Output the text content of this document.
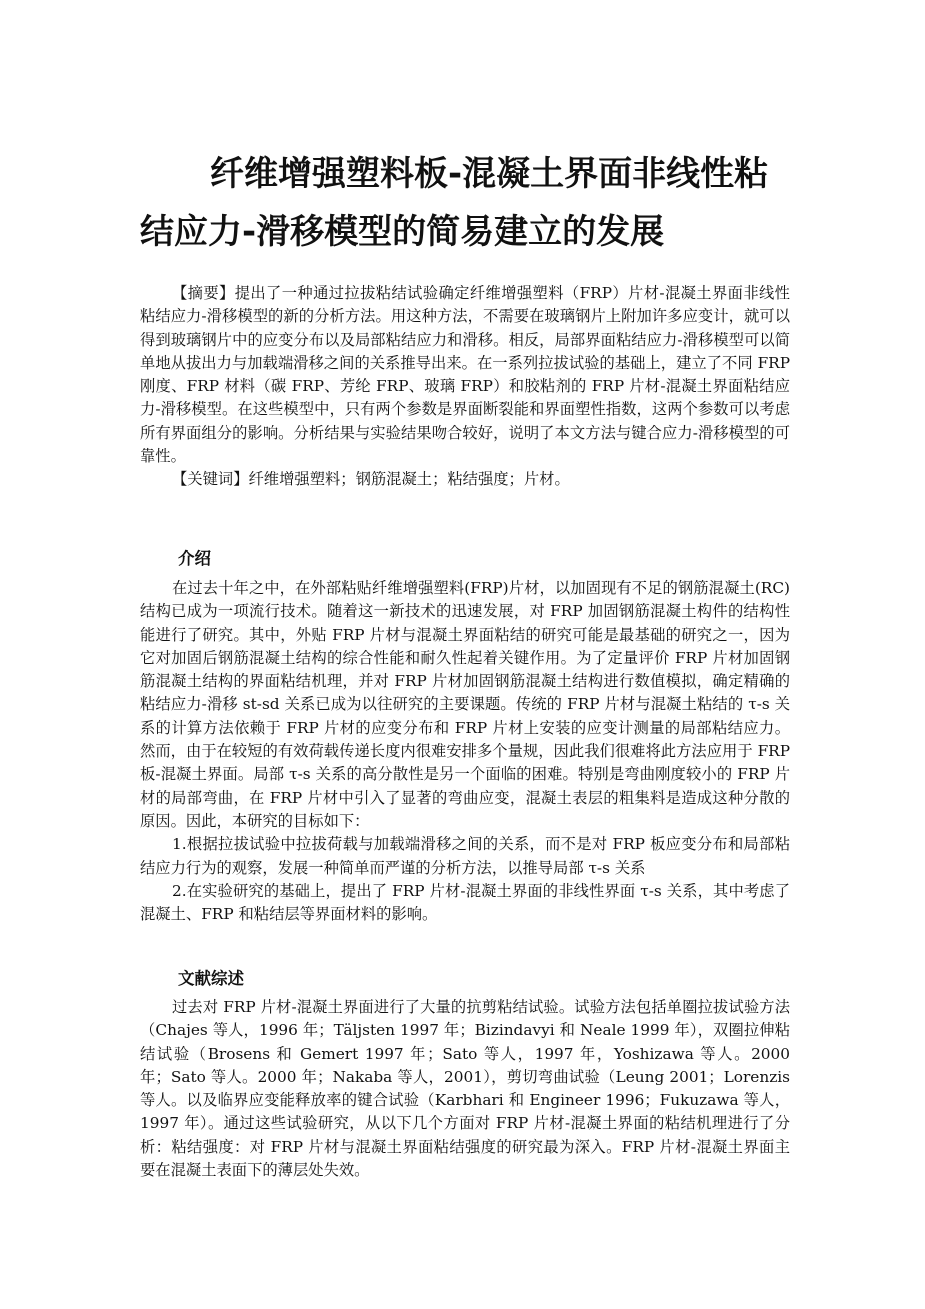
纤维增强塑料板-混凝土界面非线性粘
结应力-滑移模型的简易建立的发展

【摘要】提出了一种通过拉拔粘结试验确定纤维增强塑料（FRP）片材-混凝土界面非线性粘结应力-滑移模型的新的分析方法。用这种方法，不需要在玻璃钢片上附加许多应变计，就可以得到玻璃钢片中的应变分布以及局部粘结应力和滑移。相反，局部界面粘结应力-滑移模型可以简单地从拔出力与加载端滑移之间的关系推导出来。在一系列拉拔试验的基础上，建立了不同 FRP 刚度、FRP 材料（碳 FRP、芳纶 FRP、玻璃 FRP）和胶粘剂的 FRP 片材-混凝土界面粘结应力-滑移模型。在这些模型中，只有两个参数是界面断裂能和界面塑性指数，这两个参数可以考虑所有界面组分的影响。分析结果与实验结果吻合较好，说明了本文方法与键合应力-滑移模型的可靠性。

【关键词】纤维增强塑料；钢筋混凝土；粘结强度；片材。

介绍

在过去十年之中，在外部粘贴纤维增强塑料(FRP)片材，以加固现有不足的钢筋混凝土(RC)结构已成为一项流行技术。随着这一新技术的迅速发展，对 FRP 加固钢筋混凝土构件的结构性能进行了研究。其中，外贴 FRP 片材与混凝土界面粘结的研究可能是最基础的研究之一，因为它对加固后钢筋混凝土结构的综合性能和耐久性起着关键作用。为了定量评价 FRP 片材加固钢筋混凝土结构的界面粘结机理，并对 FRP 片材加固钢筋混凝土结构进行数值模拟，确定精确的粘结应力-滑移 st-sd 关系已成为以往研究的主要课题。传统的 FRP 片材与混凝土粘结的 τ-s 关系的计算方法依赖于 FRP 片材的应变分布和 FRP 片材上安装的应变计测量的局部粘结应力。然而，由于在较短的有效荷载传递长度内很难安排多个量规，因此我们很难将此方法应用于 FRP 板-混凝土界面。局部 τ-s 关系的高分散性是另一个面临的困难。特别是弯曲刚度较小的 FRP 片材的局部弯曲，在 FRP 片材中引入了显著的弯曲应变，混凝土表层的粗集料是造成这种分散的原因。因此，本研究的目标如下：

1.根据拉拔试验中拉拔荷载与加载端滑移之间的关系，而不是对 FRP 板应变分布和局部粘结应力行为的观察，发展一种简单而严谨的分析方法，以推导局部 τ-s 关系

2.在实验研究的基础上，提出了 FRP 片材-混凝土界面的非线性界面 τ-s 关系，其中考虑了混凝土、FRP 和粘结层等界面材料的影响。

文献综述

过去对 FRP 片材-混凝土界面进行了大量的抗剪粘结试验。试验方法包括单圈拉拔试验方法（Chajes 等人，1996 年；Täljsten 1997 年；Bizindavyi 和 Neale 1999 年），双圈拉伸粘结试验（Brosens 和 Gemert 1997 年；Sato 等人，1997 年，Yoshizawa 等人。2000 年；Sato 等人。2000 年；Nakaba 等人，2001），剪切弯曲试验（Leung 2001；Lorenzis 等人。以及临界应变能释放率的键合试验（Karbhari 和 Engineer 1996；Fukuzawa 等人，1997 年）。通过这些试验研究，从以下几个方面对 FRP 片材-混凝土界面的粘结机理进行了分析：粘结强度：对 FRP 片材与混凝土界面粘结强度的研究最为深入。FRP 片材-混凝土界面主要在混凝土表面下的薄层处失效。
